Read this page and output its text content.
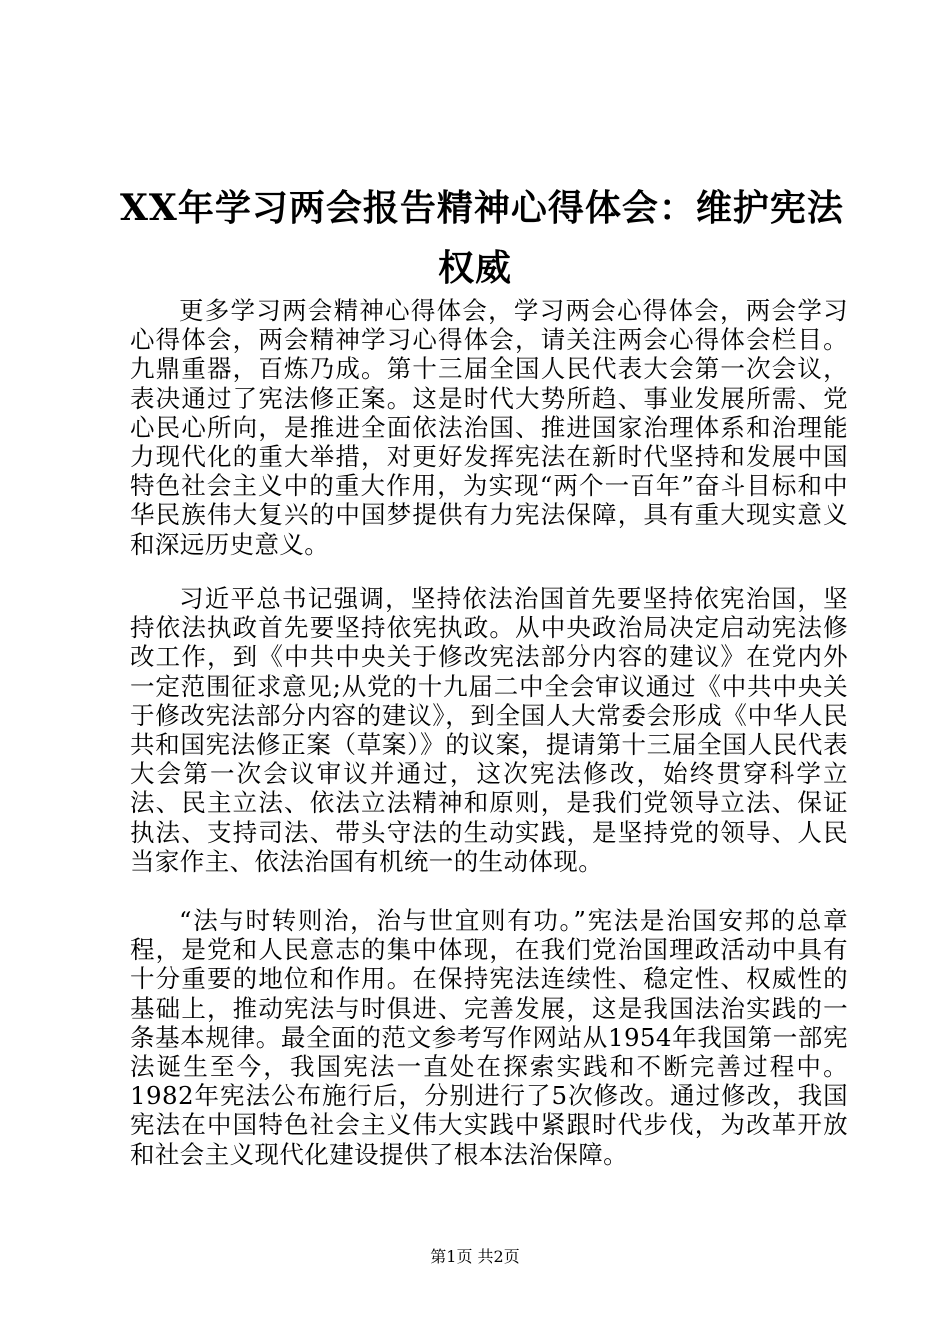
XX年学习两会报告精神心得体会：维护宪法
权威

更多学习两会精神心得体会，学习两会心得体会，两会学习心得体会，两会精神学习心得体会，请关注两会心得体会栏目。九鼎重器，百炼乃成。第十三届全国人民代表大会第一次会议，表决通过了宪法修正案。这是时代大势所趋、事业发展所需、党心民心所向，是推进全面依法治国、推进国家治理体系和治理能力现代化的重大举措，对更好发挥宪法在新时代坚持和发展中国特色社会主义中的重大作用，为实现“两个一百年”奋斗目标和中华民族伟大复兴的中国梦提供有力宪法保障，具有重大现实意义和深远历史意义。

习近平总书记强调，坚持依法治国首先要坚持依宪治国，坚持依法执政首先要坚持依宪执政。从中央政治局决定启动宪法修改工作，到《中共中央关于修改宪法部分内容的建议》在党内外一定范围征求意见;从党的十九届二中全会审议通过《中共中央关于修改宪法部分内容的建议》，到全国人大常委会形成《中华人民共和国宪法修正案（草案）》的议案，提请第十三届全国人民代表大会第一次会议审议并通过，这次宪法修改，始终贯穿科学立法、民主立法、依法立法精神和原则，是我们党领导立法、保证执法、支持司法、带头守法的生动实践，是坚持党的领导、人民当家作主、依法治国有机统一的生动体现。

“法与时转则治，治与世宜则有功。”宪法是治国安邦的总章程，是党和人民意志的集中体现，在我们党治国理政活动中具有十分重要的地位和作用。在保持宪法连续性、稳定性、权威性的基础上，推动宪法与时俱进、完善发展，这是我国法治实践的一条基本规律。最全面的范文参考写作网站从1954年我国第一部宪法诞生至今，我国宪法一直处在探索实践和不断完善过程中。1982年宪法公布施行后，分别进行了5次修改。通过修改，我国宪法在中国特色社会主义伟大实践中紧跟时代步伐，为改革开放和社会主义现代化建设提供了根本法治保障。

第1页 共2页
